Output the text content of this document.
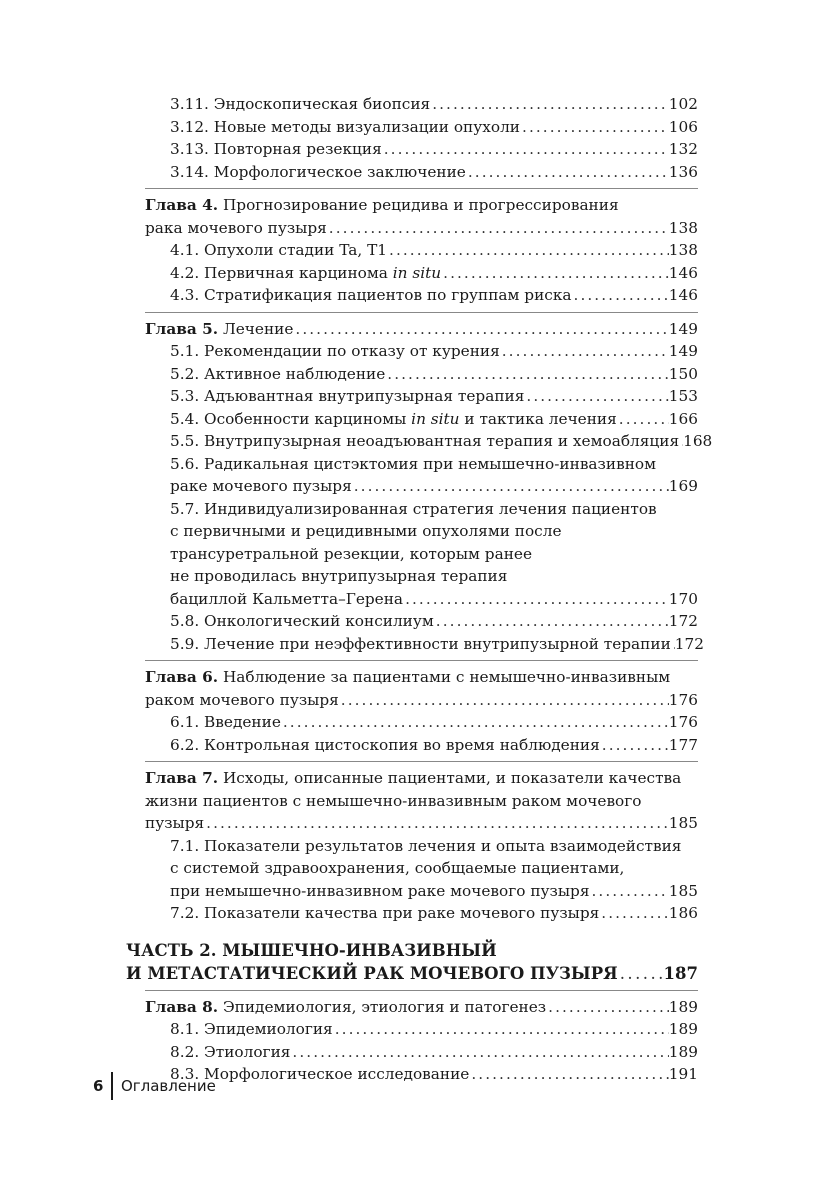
3.11. Эндоскопическая биопсия . . .	102
3.12. Новые методы визуализации опухоли . . .	106
3.13. Повторная резекция . . .	132
3.14. Морфологическое заключение . . .	136
Глава 4. Прогнозирование рецидива и прогрессирования
рака мочевого пузыря . . .	138
4.1. Опухоли стадии Ta, T1 . . .	138
4.2. Первичная карцинома in situ . . .	146
4.3. Стратификация пациентов по группам риска . . .	146
Глава 5. Лечение . . .	149
5.1. Рекомендации по отказу от курения . . .	149
5.2. Активное наблюдение . . .	150
5.3. Адъювантная внутрипузырная терапия . . .	153
5.4. Особенности карциномы in situ и тактика лечения . . .	166
5.5. Внутрипузырная неоадъювантная терапия и хемоабляция . . . 168
5.6. Радикальная цистэктомия при немышечно-инвазивном
раке мочевого пузыря . . .	169
5.7. Индивидуализированная стратегия лечения пациентов
с первичными и рецидивными опухолями после
трансуретральной резекции, которым ранее
не проводилась внутрипузырная терапия
бациллой Кальметта–Герена . . .	170
5.8. Онкологический консилиум . . .	172
5.9. Лечение при неэффективности внутрипузырной терапии . . . 172
Глава 6. Наблюдение за пациентами с немышечно-инвазивным
раком мочевого пузыря . . .	176
6.1. Введение . . .	176
6.2. Контрольная цистоскопия во время наблюдения . . .	177
Глава 7. Исходы, описанные пациентами, и показатели качества
жизни пациентов с немышечно-инвазивным раком мочевого
пузыря . . .	185
7.1. Показатели результатов лечения и опыта взаимодействия
с системой здравоохранения, сообщаемые пациентами,
при немышечно-инвазивном раке мочевого пузыря . . .	185
7.2. Показатели качества при раке мочевого пузыря . . .	186
ЧАСТЬ 2. МЫШЕЧНО-ИНВАЗИВНЫЙ
И МЕТАСТАТИЧЕСКИЙ РАК МОЧЕВОГО ПУЗЫРЯ . . .	187
Глава 8. Эпидемиология, этиология и патогенез . . .	189
8.1. Эпидемиология . . .	189
8.2. Этиология . . .	189
8.3. Морфологическое исследование . . .	191
6	Оглавление
